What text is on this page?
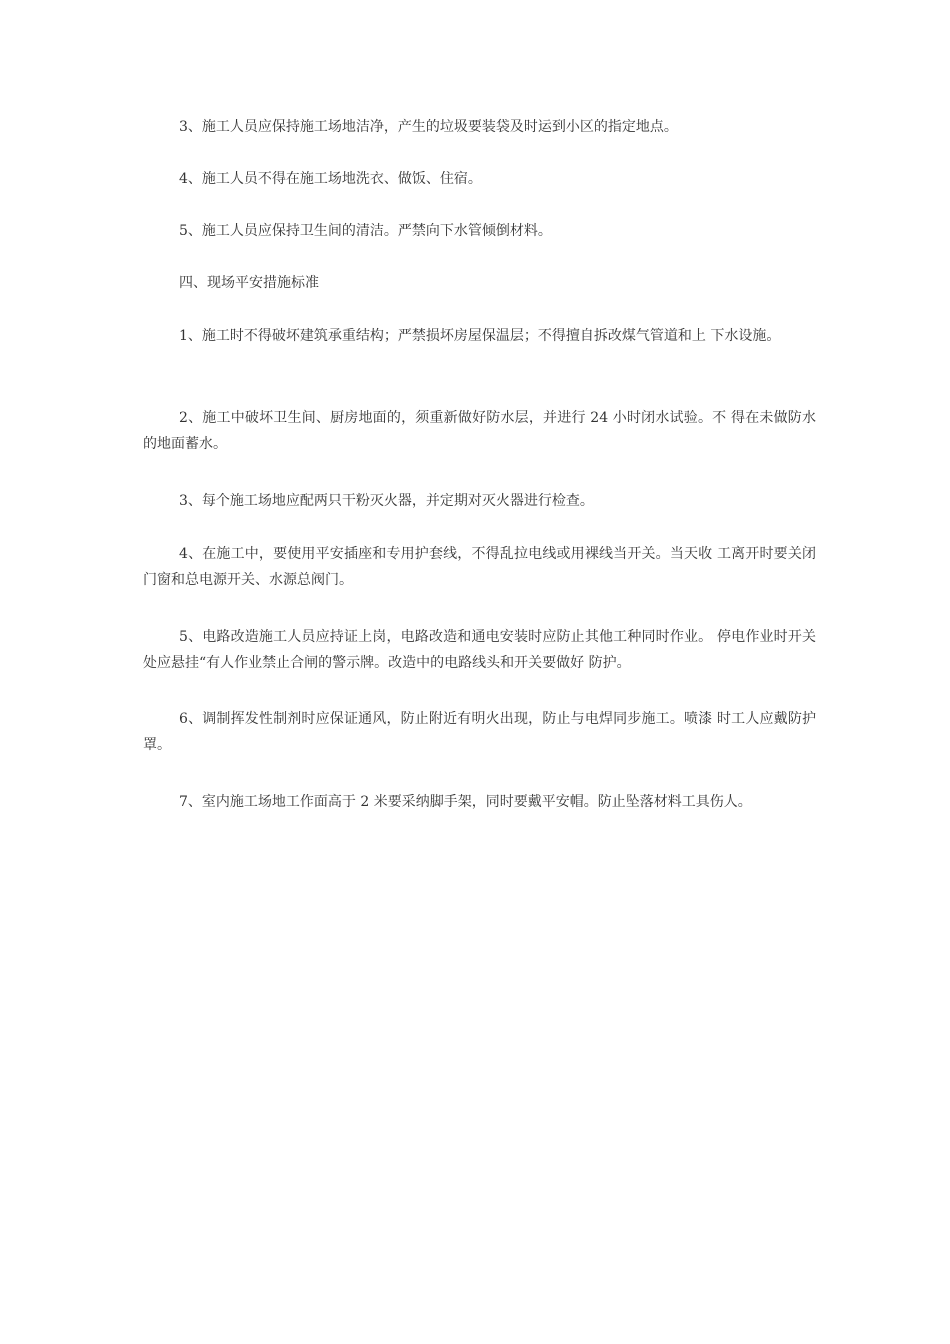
3、施工人员应保持施工场地洁净，产生的垃圾要装袋及时运到小区的指定地点。

4、施工人员不得在施工场地洗衣、做饭、住宿。

5、施工人员应保持卫生间的清洁。严禁向下水管倾倒材料。

四、现场平安措施标准

1、施工时不得破坏建筑承重结构；严禁损坏房屋保温层；不得擅自拆改煤气管道和上 下水设施。

2、施工中破坏卫生间、厨房地面的，须重新做好防水层，并进行 24 小时闭水试验。不 得在未做防水的地面蓄水。

3、每个施工场地应配两只干粉灭火器，并定期对灭火器进行检查。

4、在施工中，要使用平安插座和专用护套线，不得乱拉电线或用裸线当开关。当天收 工离开时要关闭门窗和总电源开关、水源总阀门。

5、电路改造施工人员应持证上岗，电路改造和通电安装时应防止其他工种同时作业。 停电作业时开关处应悬挂“有人作业禁止合闸的警示牌。改造中的电路线头和开关要做好 防护。

6、调制挥发性制剂时应保证通风，防止附近有明火出现，防止与电焊同步施工。喷漆 时工人应戴防护罩。

7、室内施工场地工作面高于 2 米要采纳脚手架，同时要戴平安帽。防止坠落材料工具伤人。
